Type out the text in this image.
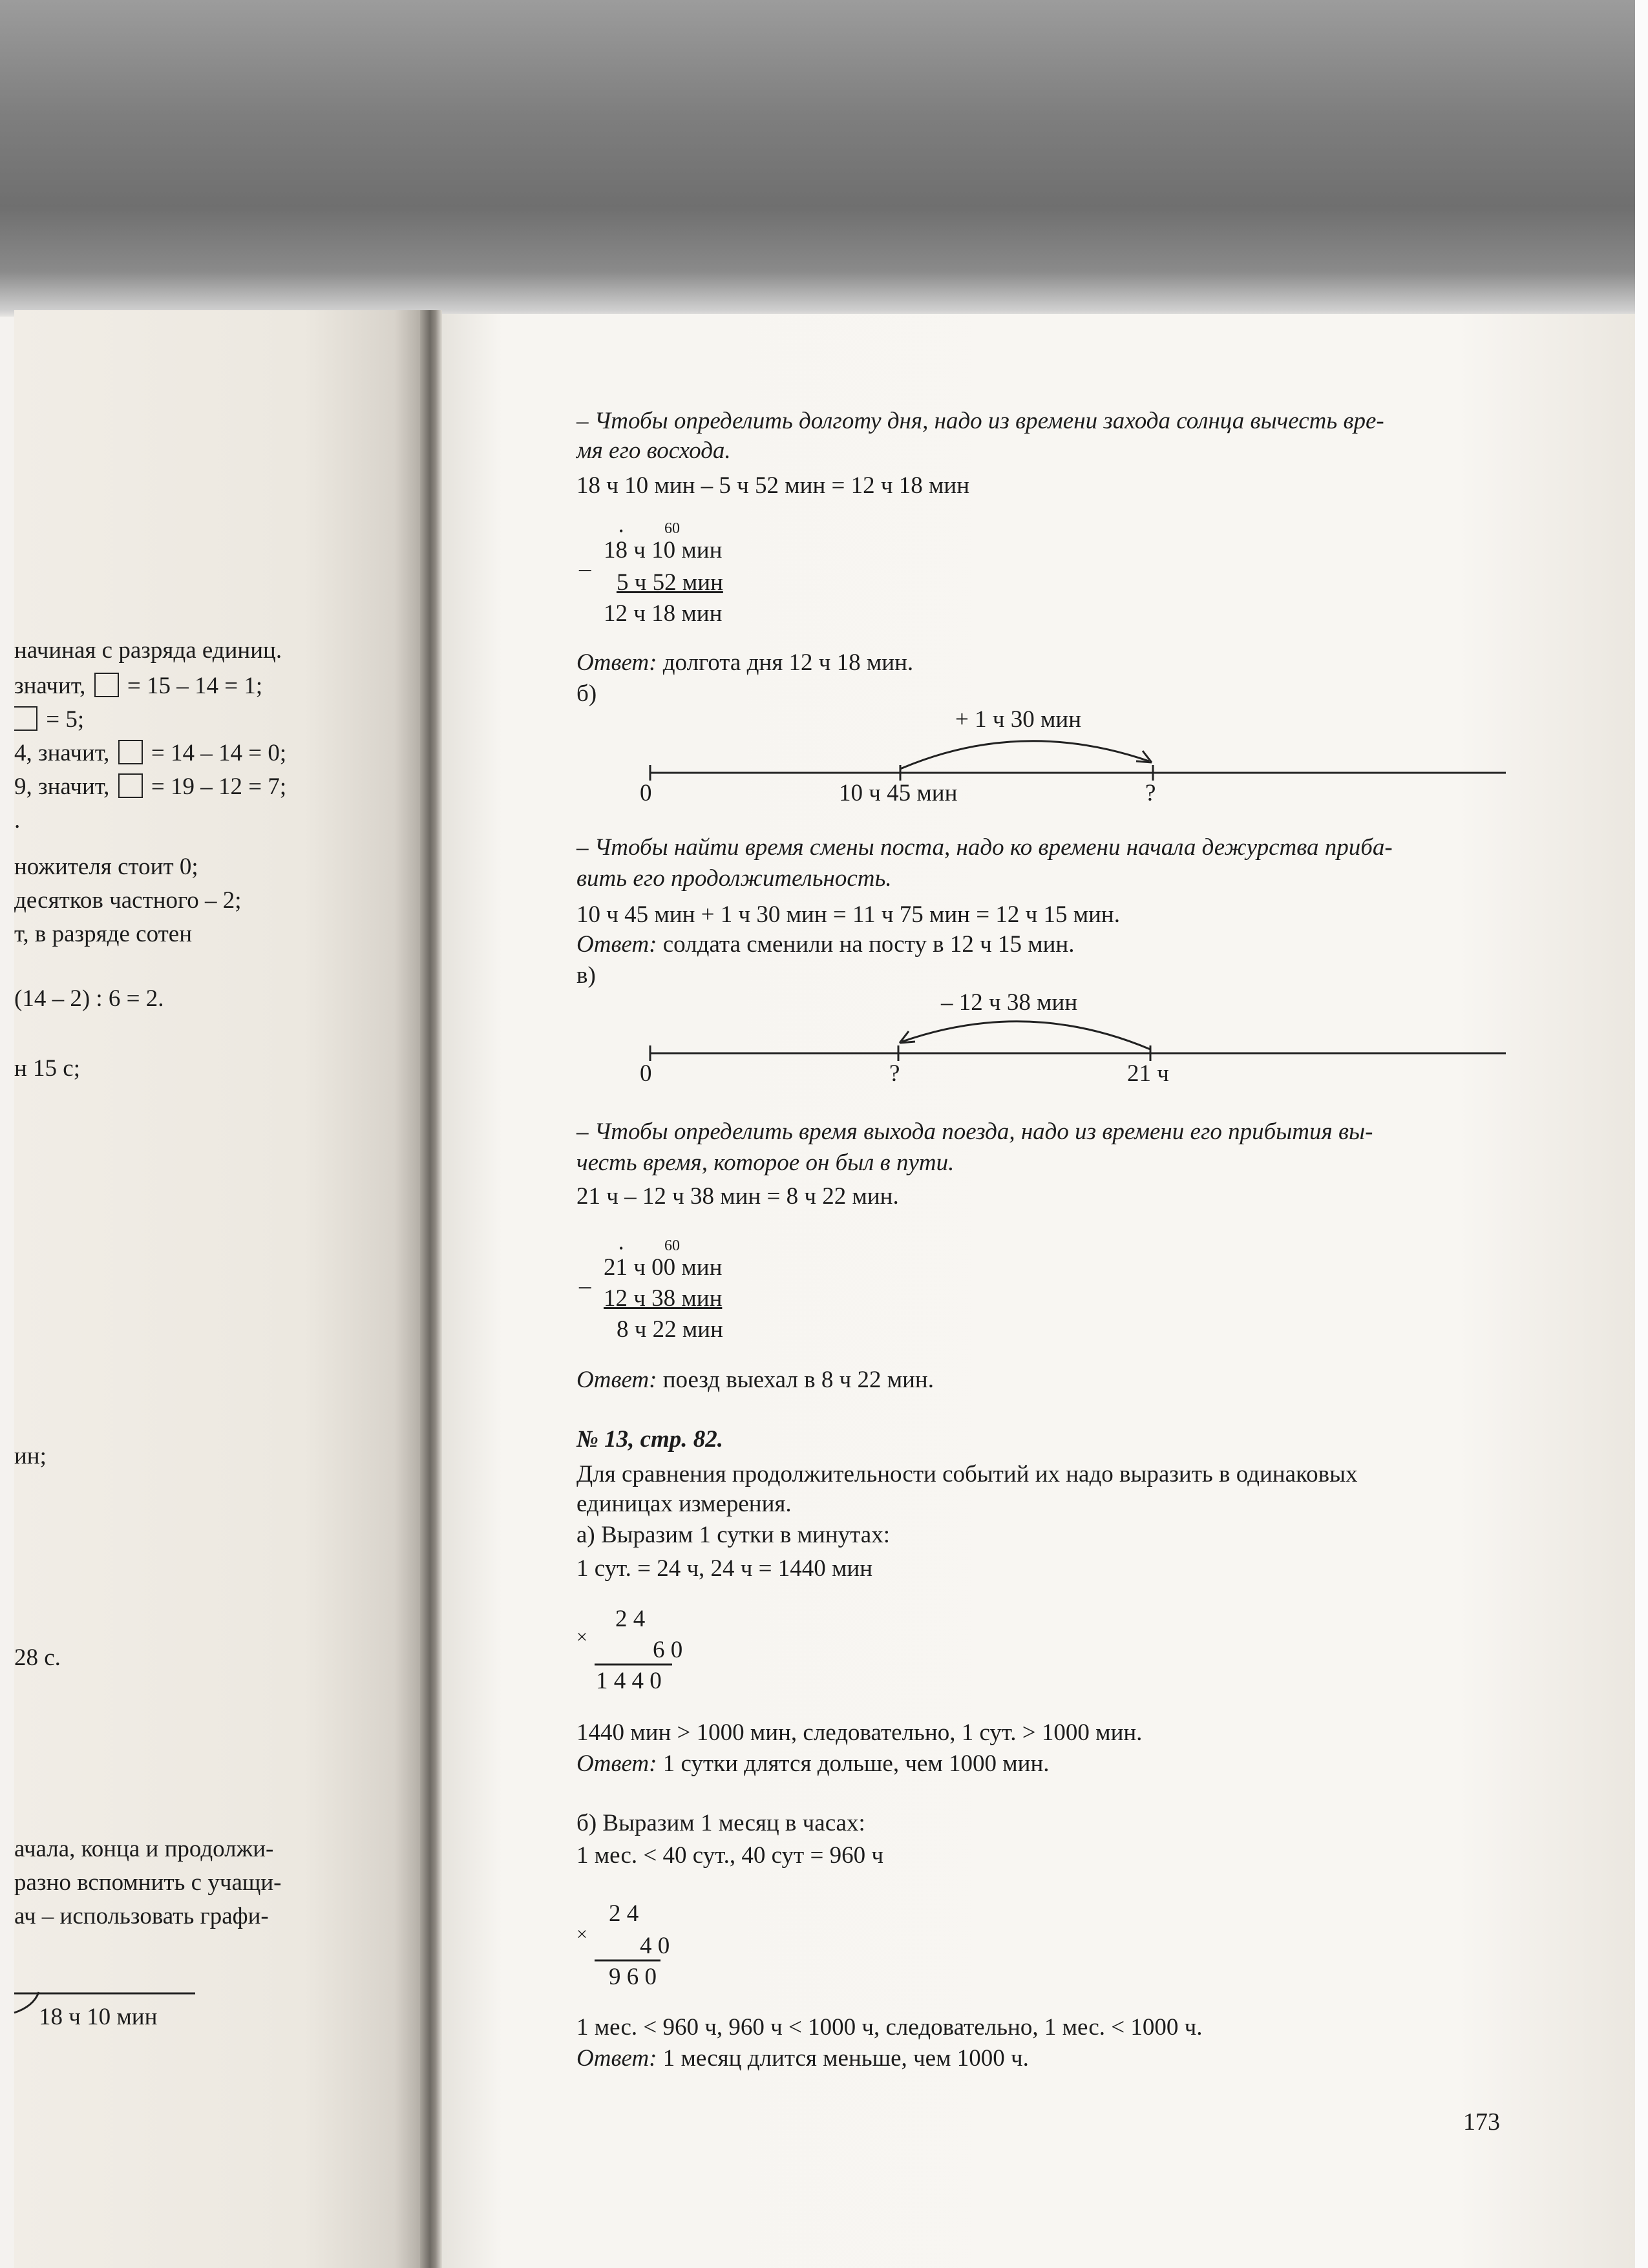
начиная с разряда единиц.
значит, = 15 – 14 = 1;
= 5;
4, значит, = 14 – 14 = 0;
9, значит, = 19 – 12 = 7;
.
ножителя стоит 0;
десятков частного – 2;
т, в разряде сотен
(14 – 2) : 6 = 2.
н 15 с;
ин;
28 с.
ачала, конца и продолжи-
разно вспомнить с учащи-
ач – использовать графи-
18 ч 10 мин
– Чтобы определить долготу дня, надо из времени захода солнца вычесть вре-
мя его восхода.
18 ч 10 мин – 5 ч 52 мин = 12 ч 18 мин
•	60
_ 18 ч 10 мин
5 ч 52 мин
12 ч 18 мин
Ответ: долгота дня 12 ч 18 мин.
б)
+ 1 ч 30 мин
0	10 ч 45 мин	?
– Чтобы найти время смены поста, надо ко времени начала дежурства приба-
вить его продолжительность.
10 ч 45 мин + 1 ч 30 мин = 11 ч 75 мин = 12 ч 15 мин.
Ответ: солдата сменили на посту в 12 ч 15 мин.
в)
– 12 ч 38 мин
0	?	21 ч
– Чтобы определить время выхода поезда, надо из времени его прибытия вы-
честь время, которое он был в пути.
21 ч – 12 ч 38 мин = 8 ч 22 мин.
•	60
_ 21 ч 00 мин
12 ч 38 мин
8 ч 22 мин
Ответ: поезд выехал в 8 ч 22 мин.
№ 13, стр. 82.
Для сравнения продолжительности событий их надо выразить в одинаковых
единицах измерения.
а) Выразим 1 сутки в минутах:
1 сут. = 24 ч, 24 ч = 1440 мин
×
2 4
6 0
1 4 4 0
1440 мин > 1000 мин, следовательно, 1 сут. > 1000 мин.
Ответ: 1 сутки длятся дольше, чем 1000 мин.
б) Выразим 1 месяц в часах:
1 мес. < 40 сут., 40 сут = 960 ч
×
2 4
4 0
9 6 0
1 мес. < 960 ч, 960 ч < 1000 ч, следовательно, 1 мес. < 1000 ч.
Ответ: 1 месяц длится меньше, чем 1000 ч.
173
